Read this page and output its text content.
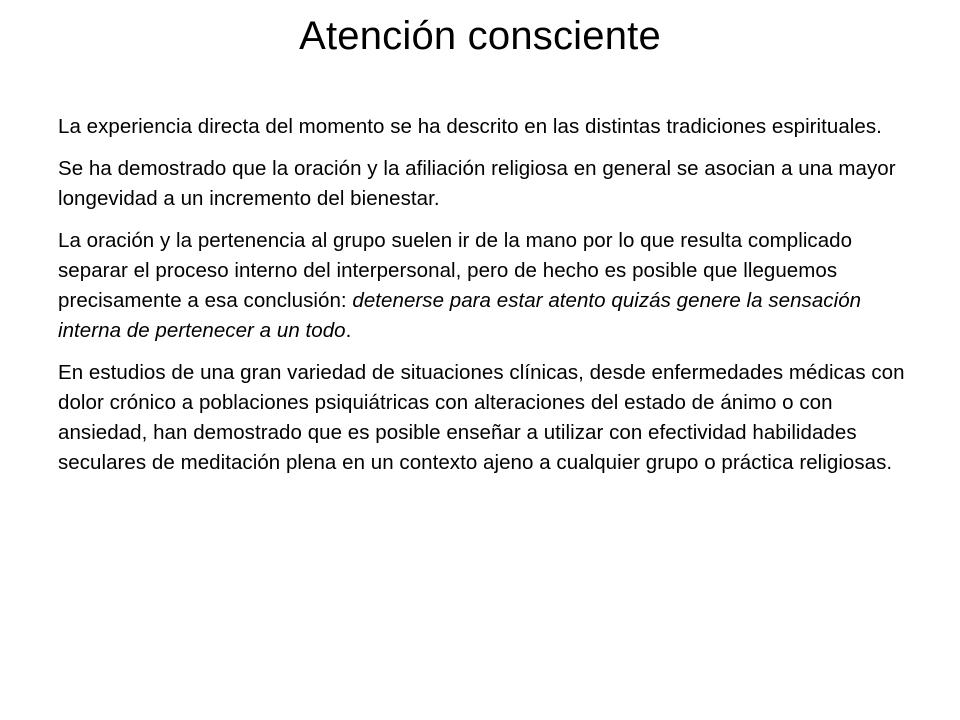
Atención consciente

La experiencia directa del momento se ha descrito en las distintas tradiciones espirituales.

Se ha demostrado que la oración y la afiliación religiosa en general se asocian a una mayor longevidad a un incremento del bienestar.

La oración y la pertenencia al grupo suelen ir de la mano por lo que resulta complicado separar el proceso interno del interpersonal, pero de hecho es posible que lleguemos precisamente a esa conclusión: detenerse para estar atento quizás genere la sensación interna de pertenecer a un todo.

En estudios de una gran variedad de situaciones clínicas, desde enfermedades médicas con dolor crónico a poblaciones psiquiátricas con alteraciones del estado de ánimo o con ansiedad, han demostrado que es posible enseñar a utilizar con efectividad habilidades seculares de meditación plena en un contexto ajeno a cualquier grupo o práctica religiosas.
